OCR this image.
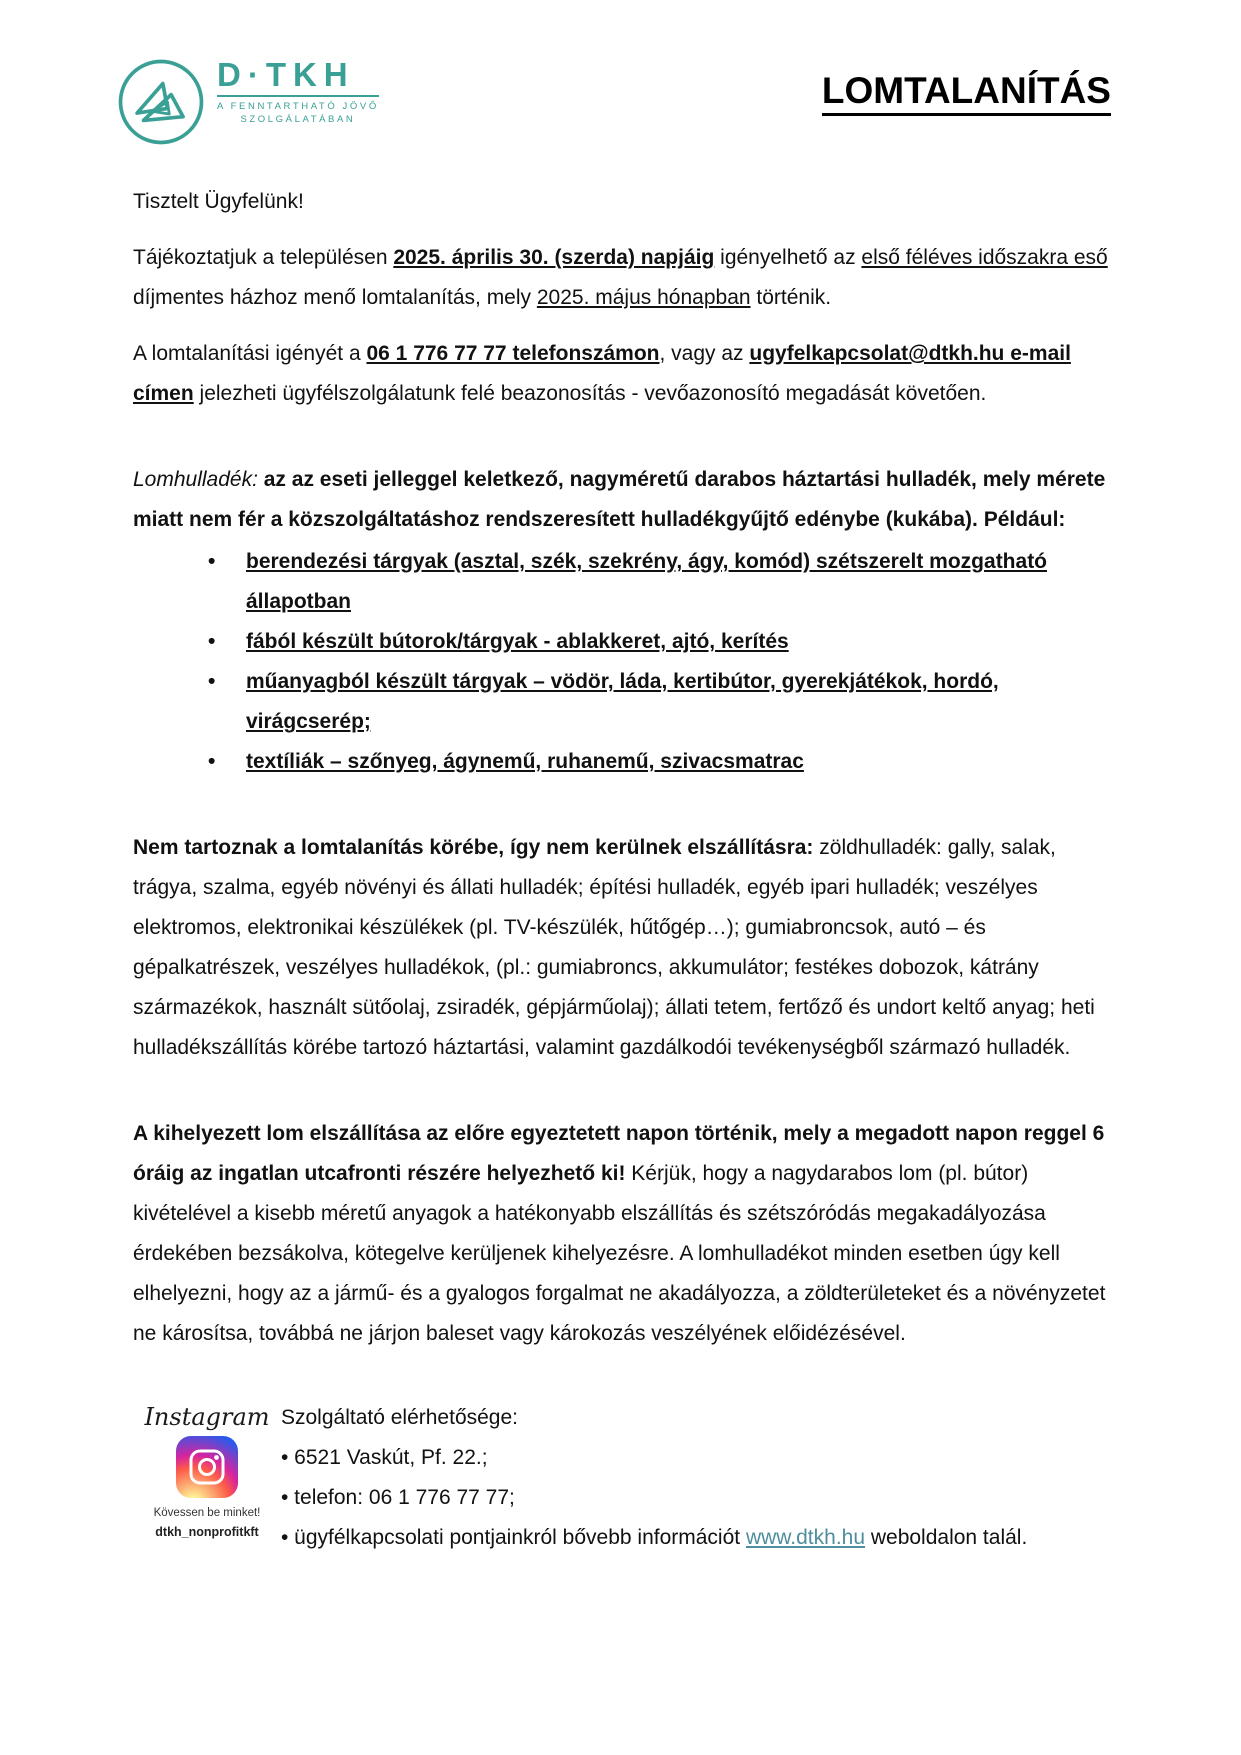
D·TKH
A FENNTARTHATÓ JÖVŐ
SZOLGÁLATÁBAN
LOMTALANÍTÁS

Tisztelt Ügyfelünk!

Tájékoztatjuk a településen 2025. április 30. (szerda) napjáig igényelhető az első féléves időszakra eső díjmentes házhoz menő lomtalanítás, mely 2025. május hónapban történik.

A lomtalanítási igényét a 06 1 776 77 77 telefonszámon, vagy az ugyfelkapcsolat@dtkh.hu e-mail címen jelezheti ügyfélszolgálatunk felé beazonosítás - vevőazonosító megadását követően.

Lomhulladék: az az eseti jelleggel keletkező, nagyméretű darabos háztartási hulladék, mely mérete miatt nem fér a közszolgáltatáshoz rendszeresített hulladékgyűjtő edénybe (kukába). Például:

• berendezési tárgyak (asztal, szék, szekrény, ágy, komód) szétszerelt mozgatható állapotban
• fából készült bútorok/tárgyak - ablakkeret, ajtó, kerítés
• műanyagból készült tárgyak – vödör, láda, kertibútor, gyerekjátékok, hordó, virágcserép;
• textíliák – szőnyeg, ágynemű, ruhanemű, szivacsmatrac

Nem tartoznak a lomtalanítás körébe, így nem kerülnek elszállításra: zöldhulladék: gally, salak, trágya, szalma, egyéb növényi és állati hulladék; építési hulladék, egyéb ipari hulladék; veszélyes elektromos, elektronikai készülékek (pl. TV-készülék, hűtőgép…); gumiabroncsok, autó – és gépalkatrészek, veszélyes hulladékok, (pl.: gumiabroncs, akkumulátor; festékes dobozok, kátrány származékok, használt sütőolaj, zsiradék, gépjárműolaj); állati tetem, fertőző és undort keltő anyag; heti hulladékszállítás körébe tartozó háztartási, valamint gazdálkodói tevékenységből származó hulladék.

A kihelyezett lom elszállítása az előre egyeztetett napon történik, mely a megadott napon reggel 6 óráig az ingatlan utcafronti részére helyezhető ki! Kérjük, hogy a nagydarabos lom (pl. bútor) kivételével a kisebb méretű anyagok a hatékonyabb elszállítás és szétszóródás megakadályozása érdekében bezsákolva, kötegelve kerüljenek kihelyezésre. A lomhulladékot minden esetben úgy kell elhelyezni, hogy az a jármű- és a gyalogos forgalmat ne akadályozza, a zöldterületeket és a növényzetet ne károsítsa, továbbá ne járjon baleset vagy károkozás veszélyének előidézésével.

Instagram
Kövessen be minket!
dtkh_nonprofitkft

Szolgáltató elérhetősége:

• 6521 Vaskút, Pf. 22.;

• telefon: 06 1 776 77 77;

• ügyfélkapcsolati pontjainkról bővebb információt www.dtkh.hu weboldalon talál.
